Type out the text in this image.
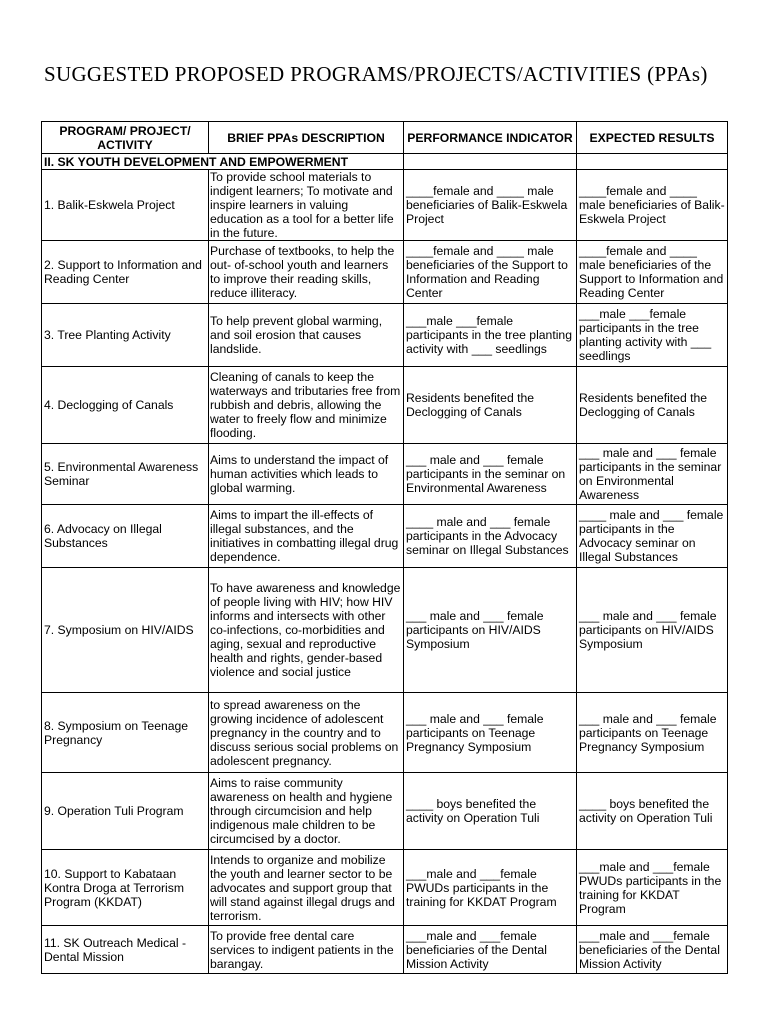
SUGGESTED PROPOSED PROGRAMS/PROJECTS/ACTIVITIES (PPAs)
PROGRAM/ PROJECT/ ACTIVITY	BRIEF PPAs DESCRIPTION	PERFORMANCE INDICATOR	EXPECTED RESULTS
II. SK YOUTH DEVELOPMENT AND EMPOWERMENT			
1. Balik-Eskwela Project	To provide school materials to indigent learners; To motivate and inspire learners in valuing education as a tool for a better life in the future.	____female and ____ male beneficiaries of Balik-Eskwela Project	____female and ____ male beneficiaries of Balik-Eskwela Project
2. Support to Information and Reading Center	Purchase of textbooks, to help the out- of-school youth and learners to improve their reading skills, reduce illiteracy.	____female and ____ male beneficiaries of the Support to Information and Reading Center	____female and ____ male beneficiaries of the Support to Information and Reading Center
3. Tree Planting Activity	To help prevent global warming, and soil erosion that causes landslide.	___male ___female participants in the tree planting activity with ___ seedlings	___male ___female participants in the tree planting activity with ___ seedlings
4. Declogging of Canals	Cleaning of canals to keep the waterways and tributaries free from rubbish and debris, allowing the water to freely flow and minimize flooding.	Residents benefited the Declogging of Canals	Residents benefited the Declogging of Canals
5. Environmental Awareness Seminar	Aims to understand the impact of human activities which leads to global warming.	___ male and ___ female participants in the seminar on Environmental Awareness	___ male and ___ female participants in the seminar on Environmental Awareness
6. Advocacy on Illegal Substances	Aims to impart the ill-effects of illegal substances, and the initiatives in combatting illegal drug dependence.	____ male and ___ female participants in the Advocacy seminar on Illegal Substances	____ male and ___ female participants in the Advocacy seminar on Illegal Substances
7. Symposium on HIV/AIDS	To have awareness and knowledge of people living with HIV; how HIV informs and intersects with other co-infections, co-morbidities and aging, sexual and reproductive health and rights, gender-based violence and social justice	___ male and ___ female participants on HIV/AIDS Symposium	___ male and ___ female participants on HIV/AIDS Symposium
8. Symposium on Teenage Pregnancy	to spread awareness on the growing incidence of adolescent pregnancy in the country and to discuss serious social problems on adolescent pregnancy.	___ male and ___ female participants on Teenage Pregnancy Symposium	___ male and ___ female participants on Teenage Pregnancy Symposium
9. Operation Tuli Program	Aims to raise community awareness on health and hygiene through circumcision and help indigenous male children to be circumcised by a doctor.	____ boys benefited the activity on Operation Tuli	____ boys benefited the activity on Operation Tuli
10. Support to Kabataan Kontra Droga at Terrorism Program (KKDAT)	Intends to organize and mobilize the youth and learner sector to be advocates and support group that will stand against illegal drugs and terrorism.	___male and ___female PWUDs participants in the training for KKDAT Program	___male and ___female PWUDs participants in the training for KKDAT Program
11. SK Outreach Medical - Dental Mission	To provide free dental care services to indigent patients in the barangay.	___male and ___female beneficiaries of the Dental Mission Activity	___male and ___female beneficiaries of the Dental Mission Activity
